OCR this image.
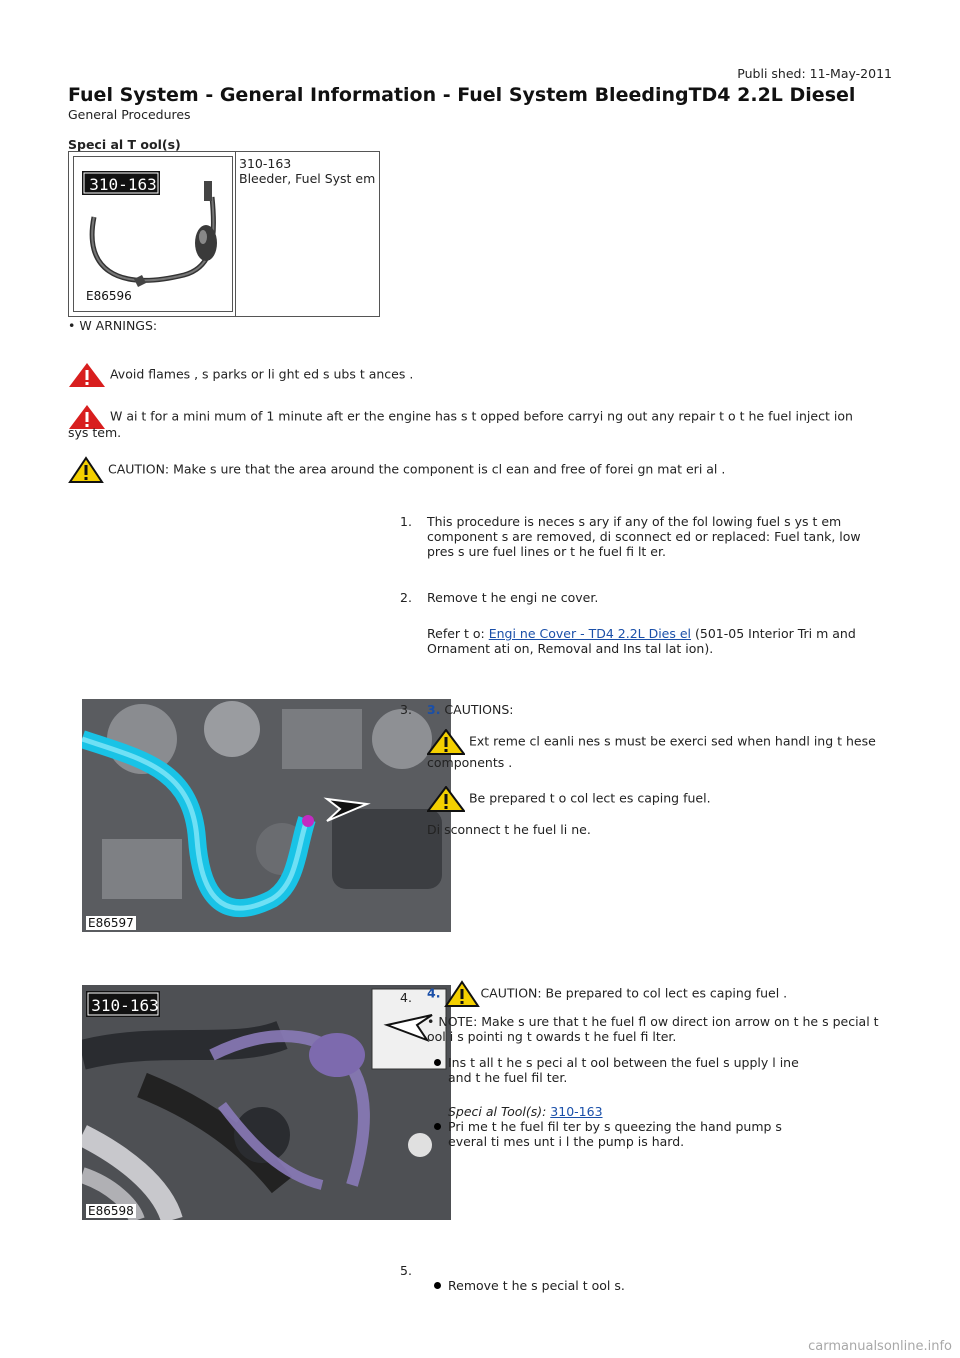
Publi shed: 11-May-2011
Fuel System - General Information - Fuel System BleedingTD4 2.2L Diesel
General Procedures
Speci al T ool(s)
E86596
310-163
310-163
Bleeder, Fuel Syst em
• W ARNINGS:
Avoid flames , s parks or li ght ed s ubs t ances .
W ai t for a mini mum of 1 minute aft er the engine has s t opped before carryi ng out any repair t o t he fuel inject ion
sys tem.
CAUTION: Make s ure that the area around the component is cl ean and free of forei gn mat eri al .
1. This procedure is neces s ary if any of the fol lowing fuel s ys t em component s are removed, di sconnect ed or replaced: Fuel tank, low pres s ure fuel lines or t he fuel fi lt er.
2. Remove t he engi ne cover.
Refer t o: Engi ne Cover - TD4 2.2L Dies el (501-05 Interior Tri m and Ornament ati on, Removal and Ins tal lat ion).
E86597
3. 3. CAUTIONS:
Ext reme cl eanli nes s must be exerci sed when handl ing t hese components .
Be prepared t o col lect es caping fuel.
Di sconnect t he fuel li ne.
310-163
E86598
4. 4.	CAUTION: Be prepared to col lect es caping fuel .
• NOTE: Make s ure that t he fuel fl ow direct ion arrow on t he s pecial t ool i s pointi ng t owards t he fuel fi lter.
Ins t all t he s peci al t ool between the fuel s upply l ine and t he fuel fil ter.
Speci al Tool(s): 310-163
Pri me t he fuel fil ter by s queezing the hand pump s everal ti mes unt i l the pump is hard.
5.
Remove t he s pecial t ool s.
carmanualsonline.info
